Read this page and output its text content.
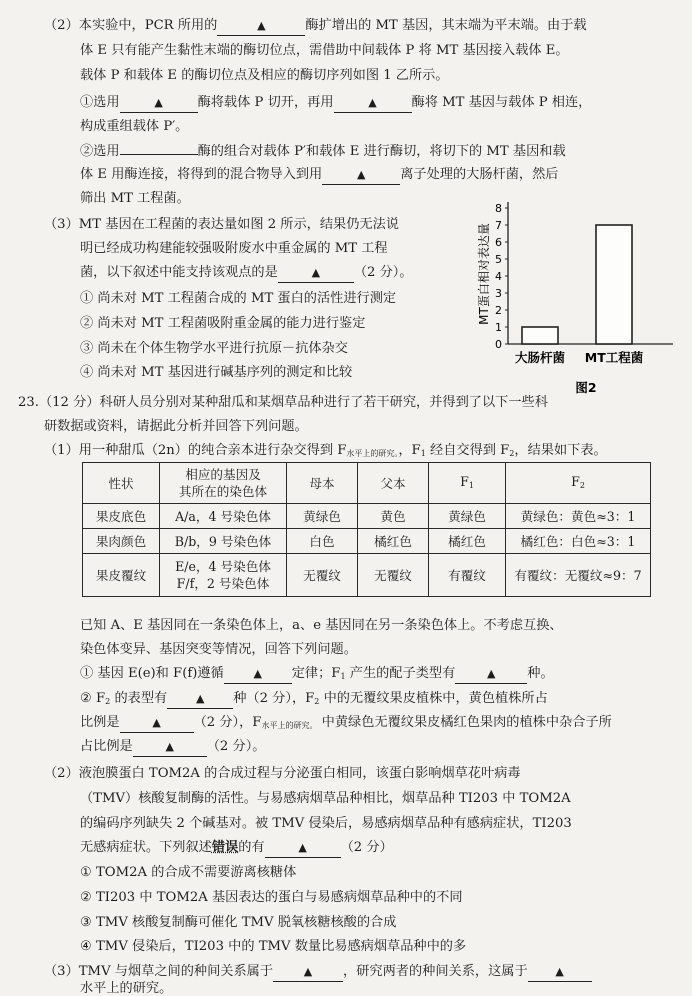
（2）本实验中，PCR 所用的	▲	酶扩增出的 MT 基因，其末端为平末端。由于载
体 E 只有能产生黏性末端的酶切位点，需借助中间载体 P 将 MT 基因接入载体 E。
载体 P 和载体 E 的酶切位点及相应的酶切序列如图 1 乙所示。
①选用	▲	酶将载体 P 切开，再用	▲	酶将 MT 基因与载体 P 相连，
构成重组载体 P′。
②选用	酶的组合对载体 P′和载体 E 进行酶切，将切下的 MT 基因和载
体 E 用酶连接，将得到的混合物导入到用	▲	离子处理的大肠杆菌，然后
筛出 MT 工程菌。
（3）MT 基因在工程菌的表达量如图 2 所示，结果仍无法说
明已经成功构建能较强吸附废水中重金属的 MT 工程
菌，以下叙述中能支持该观点的是	▲	（2 分）。
① 尚未对 MT 工程菌合成的 MT 蛋白的活性进行测定
② 尚未对 MT 工程菌吸附重金属的能力进行鉴定
③ 尚未在个体生物学水平进行抗原－抗体杂交
④ 尚未对 MT 基因进行碱基序列的测定和比较
0
1
2
3
4
5
6
7
8
大肠杆菌 MT工程菌
MT蛋白相对表达量
图2
23.（12 分）科研人员分别对某种甜瓜和某烟草品种进行了若干研究，并得到了以下一些科
研数据或资料，请据此分析并回答下列问题。
（1）用一种甜瓜（2n）的纯合亲本进行杂交得到 $F_{水平上的研究。}$，$F_1$ 经自交得到 $F_2$，结果如下表。
性状	相应的基因及
其所在的染色体	母本	父本	$F_1$	$F_2$
果皮底色	A/a，4 号染色体	黄绿色	黄色	黄绿色	黄绿色：黄色≈3：1
果肉颜色	B/b，9 号染色体	白色	橘红色	橘红色	橘红色：白色≈3：1
果皮覆纹	E/e，4 号染色体
F/f，2 号染色体	无覆纹	无覆纹	有覆纹	有覆纹：无覆纹≈9：7
已知 A、E 基因同在一条染色体上，a、e 基因同在另一条染色体上。不考虑互换、
染色体变异、基因突变等情况，回答下列问题。
① 基因 E(e)和 F(f)遵循	▲ 定律；$F_1$ 产生的配子类型有	▲ 种。
② $F_2$ 的表型有	▲ 种（2 分），$F_2$ 中的无覆纹果皮植株中，黄色植株所占
比例是	▲ （2 分），$F_{水平上的研究。}$ 中黄绿色无覆纹果皮橘红色果肉的植株中杂合子所
占比例是	▲ （2 分）。
（2）液泡膜蛋白 TOM2A 的合成过程与分泌蛋白相同，该蛋白影响烟草花叶病毒
（TMV）核酸复制酶的活性。与易感病烟草品种相比，烟草品种 TI203 中 TOM2A
的编码序列缺失 2 个碱基对。被 TMV 侵染后，易感病烟草品种有感病症状，TI203
无感病症状。下列叙述错误的有	▲	（2 分）
① TOM2A 的合成不需要游离核糖体
② TI203 中 TOM2A 基因表达的蛋白与易感病烟草品种中的不同
③ TMV 核酸复制酶可催化 TMV 脱氧核糖核酸的合成
④ TMV 侵染后，TI203 中的 TMV 数量比易感病烟草品种中的多
（3）TMV 与烟草之间的种间关系属于	▲ ，研究两者的种间关系，这属于	▲
水平上的研究。
